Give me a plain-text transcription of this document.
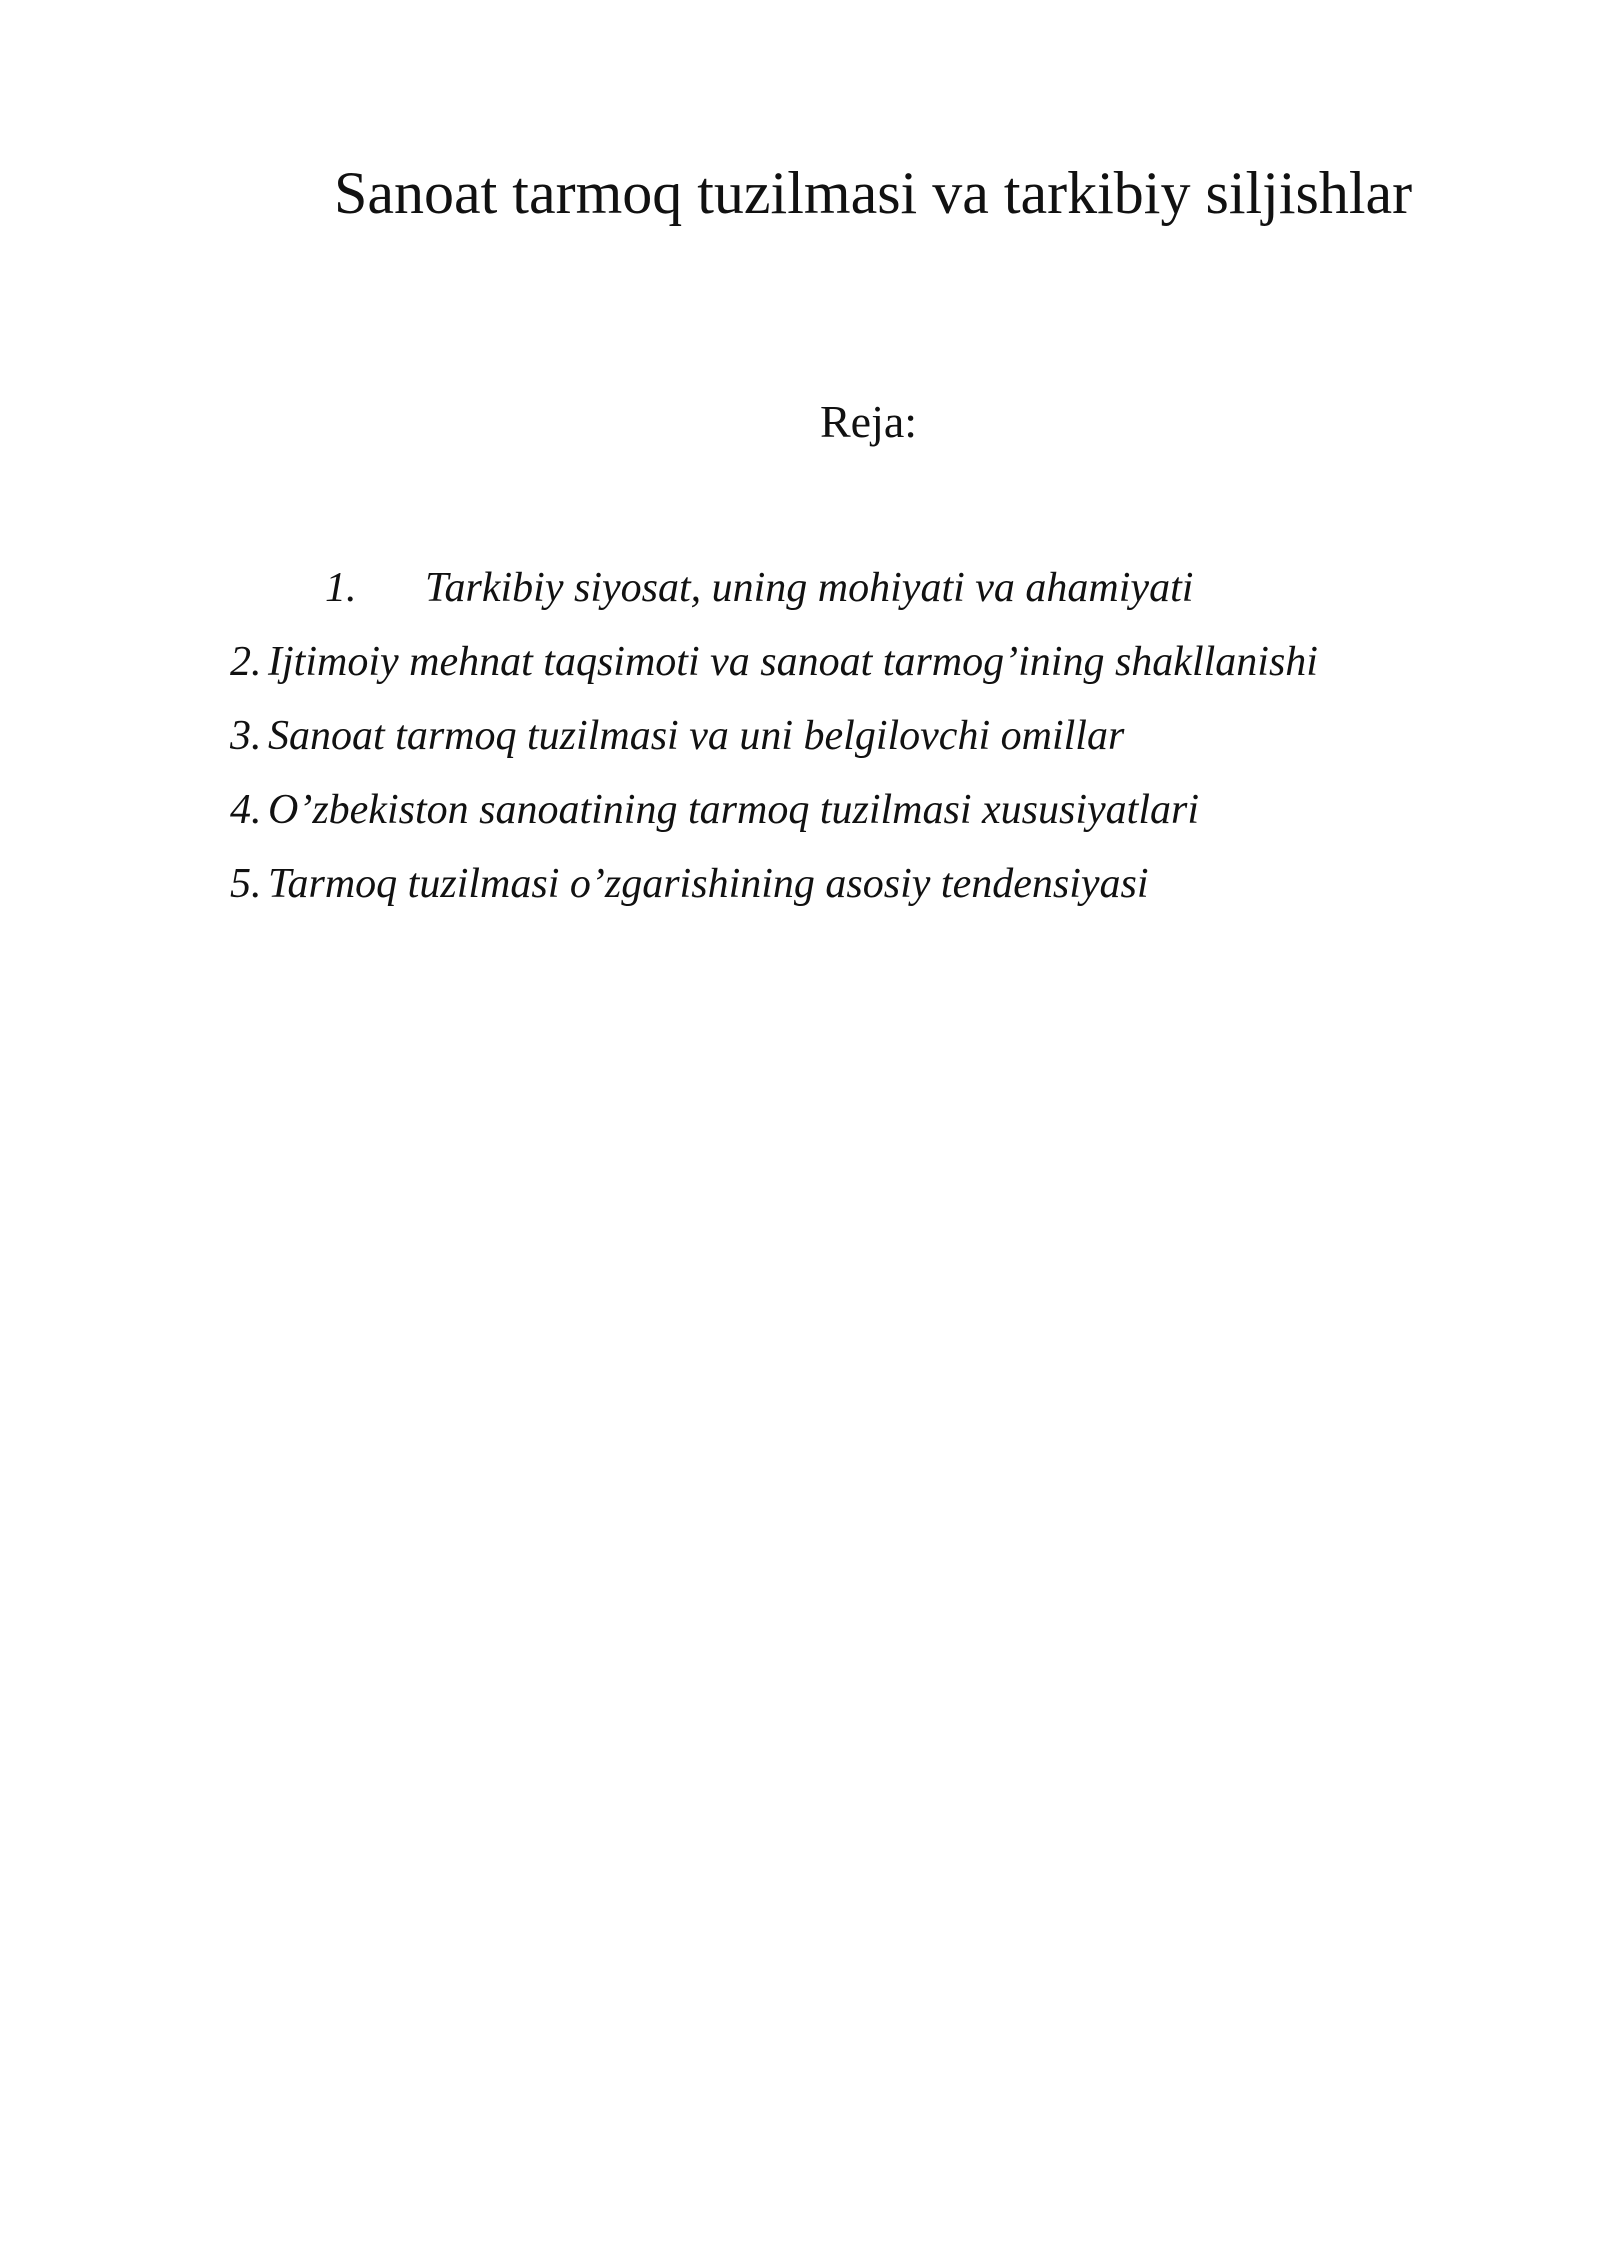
Sanoat tarmoq tuzilmasi va tarkibiy siljishlar
Reja:
1. Tarkibiy siyosat, uning mohiyati va ahamiyati
2. Ijtimoiy mehnat taqsimoti va sanoat tarmog’ining shakllanishi
3. Sanoat tarmoq tuzilmasi va uni belgilovchi omillar
4. O’zbekiston sanoatining tarmoq tuzilmasi xususiyatlari
5. Tarmoq tuzilmasi o’zgarishining asosiy tendensiyasi
